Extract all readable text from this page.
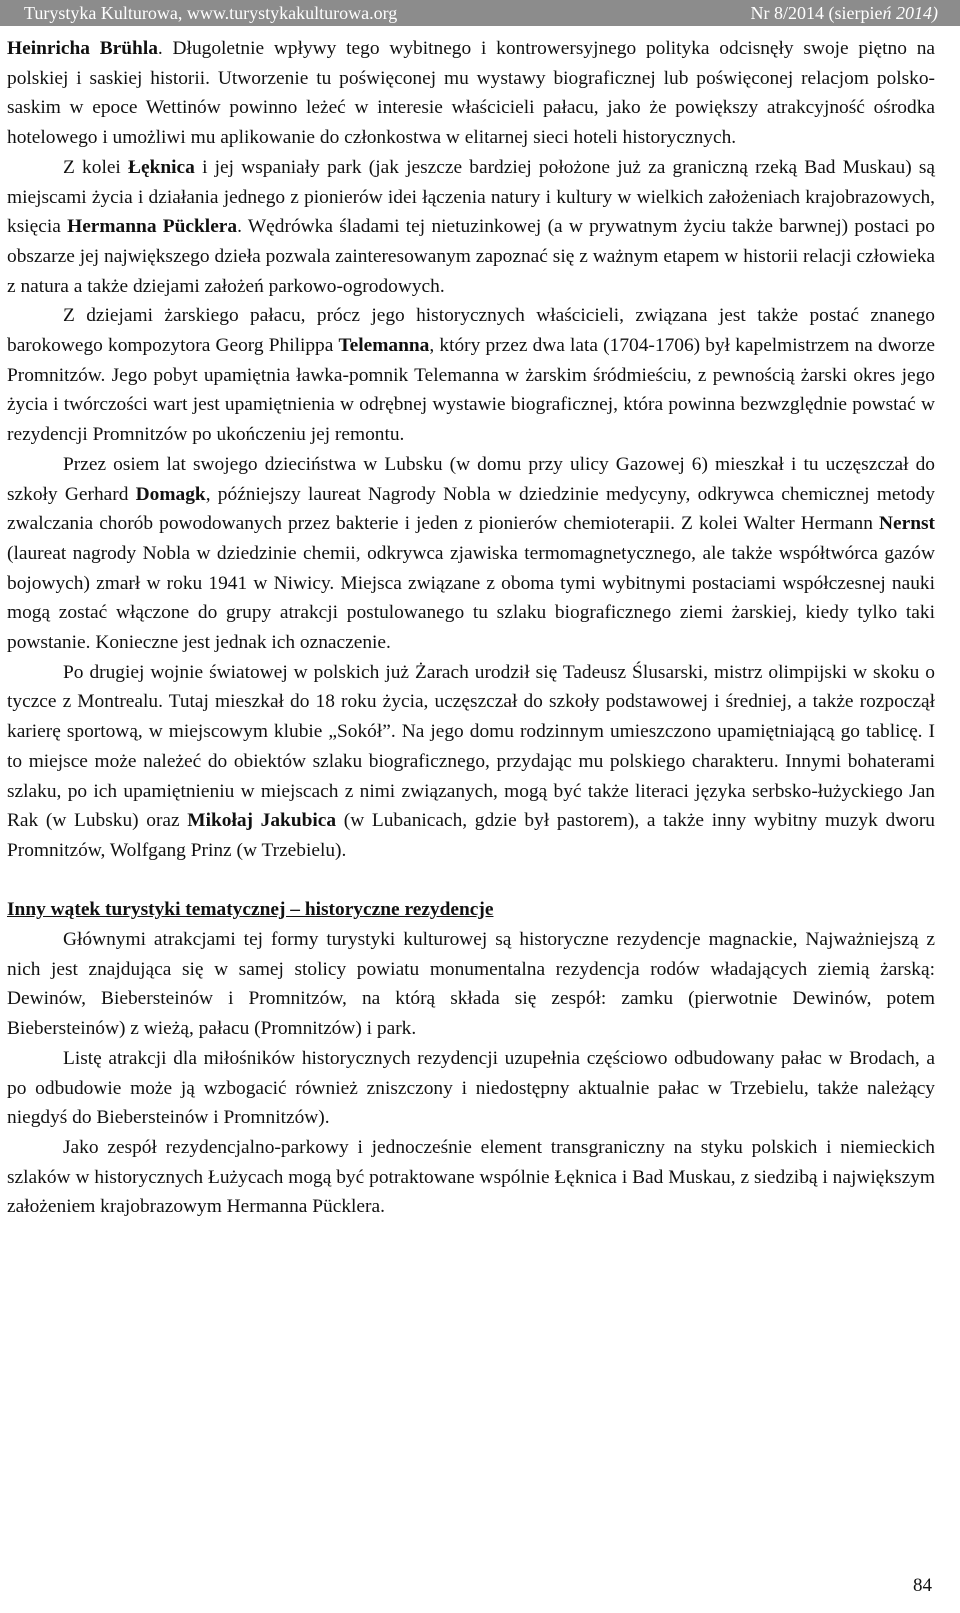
Turystyka Kulturowa, www.turystykakulturowa.org	Nr 8/2014 (sierpień 2014)

Heinricha Brühla. Długoletnie wpływy tego wybitnego i kontrowersyjnego polityka odcisnęły swoje piętno na polskiej i saskiej historii. Utworzenie tu poświęconej mu wystawy biograficznej lub poświęconej relacjom polsko-saskim w epoce Wettinów powinno leżeć w interesie właścicieli pałacu, jako że powiększy atrakcyjność ośrodka hotelowego i umożliwi mu aplikowanie do członkostwa w elitarnej sieci hoteli historycznych.

Z kolei Łęknica i jej wspaniały park (jak jeszcze bardziej położone już za graniczną rzeką Bad Muskau) są miejscami życia i działania jednego z pionierów idei łączenia natury i kultury w wielkich założeniach krajobrazowych, księcia Hermanna Pücklera. Wędrówka śladami tej nietuzinkowej (a w prywatnym życiu także barwnej) postaci po obszarze jej największego dzieła pozwala zainteresowanym zapoznać się z ważnym etapem w historii relacji człowieka z natura a także dziejami założeń parkowo-ogrodowych.

Z dziejami żarskiego pałacu, prócz jego historycznych właścicieli, związana jest także postać znanego barokowego kompozytora Georg Philippa Telemanna, który przez dwa lata (1704-1706) był kapelmistrzem na dworze Promnitzów. Jego pobyt upamiętnia ławka-pomnik Telemanna w żarskim śródmieściu, z pewnością żarski okres jego życia i twórczości wart jest upamiętnienia w odrębnej wystawie biograficznej, która powinna bezwzględnie powstać w rezydencji Promnitzów po ukończeniu jej remontu.

Przez osiem lat swojego dzieciństwa w Lubsku (w domu przy ulicy Gazowej 6) mieszkał i tu uczęszczał do szkoły Gerhard Domagk, późniejszy laureat Nagrody Nobla w dziedzinie medycyny, odkrywca chemicznej metody zwalczania chorób powodowanych przez bakterie i jeden z pionierów chemioterapii. Z kolei Walter Hermann Nernst (laureat nagrody Nobla w dziedzinie chemii, odkrywca zjawiska termomagnetycznego, ale także współtwórca gazów bojowych) zmarł w roku 1941 w Niwicy. Miejsca związane z oboma tymi wybitnymi postaciami współczesnej nauki mogą zostać włączone do grupy atrakcji postulowanego tu szlaku biograficznego ziemi żarskiej, kiedy tylko taki powstanie. Konieczne jest jednak ich oznaczenie.

Po drugiej wojnie światowej w polskich już Żarach urodził się Tadeusz Ślusarski, mistrz olimpijski w skoku o tyczce z Montrealu. Tutaj mieszkał do 18 roku życia, uczęszczał do szkoły podstawowej i średniej, a także rozpoczął karierę sportową, w miejscowym klubie „Sokół”. Na jego domu rodzinnym umieszczono upamiętniającą go tablicę. I to miejsce może należeć do obiektów szlaku biograficznego, przydając mu polskiego charakteru. Innymi bohaterami szlaku, po ich upamiętnieniu w miejscach z nimi związanych, mogą być także literaci języka serbsko-łużyckiego Jan Rak (w Lubsku) oraz Mikołaj Jakubica (w Lubanicach, gdzie był pastorem), a także inny wybitny muzyk dworu Promnitzów, Wolfgang Prinz (w Trzebielu).

Inny wątek turystyki tematycznej – historyczne rezydencje

Głównymi atrakcjami tej formy turystyki kulturowej są historyczne rezydencje magnackie, Najważniejszą z nich jest znajdująca się w samej stolicy powiatu monumentalna rezydencja rodów władających ziemią żarską: Dewinów, Biebersteinów i Promnitzów, na którą składa się zespół: zamku (pierwotnie Dewinów, potem Biebersteinów) z wieżą, pałacu (Promnitzów) i park.

Listę atrakcji dla miłośników historycznych rezydencji uzupełnia częściowo odbudowany pałac w Brodach, a po odbudowie może ją wzbogacić również zniszczony i niedostępny aktualnie pałac w Trzebielu, także należący niegdyś do Biebersteinów i Promnitzów).

Jako zespół rezydencjalno-parkowy i jednocześnie element transgraniczny na styku polskich i niemieckich szlaków w historycznych Łużycach mogą być potraktowane wspólnie Łęknica i Bad Muskau, z siedzibą i największym założeniem krajobrazowym Hermanna Pücklera.

84
